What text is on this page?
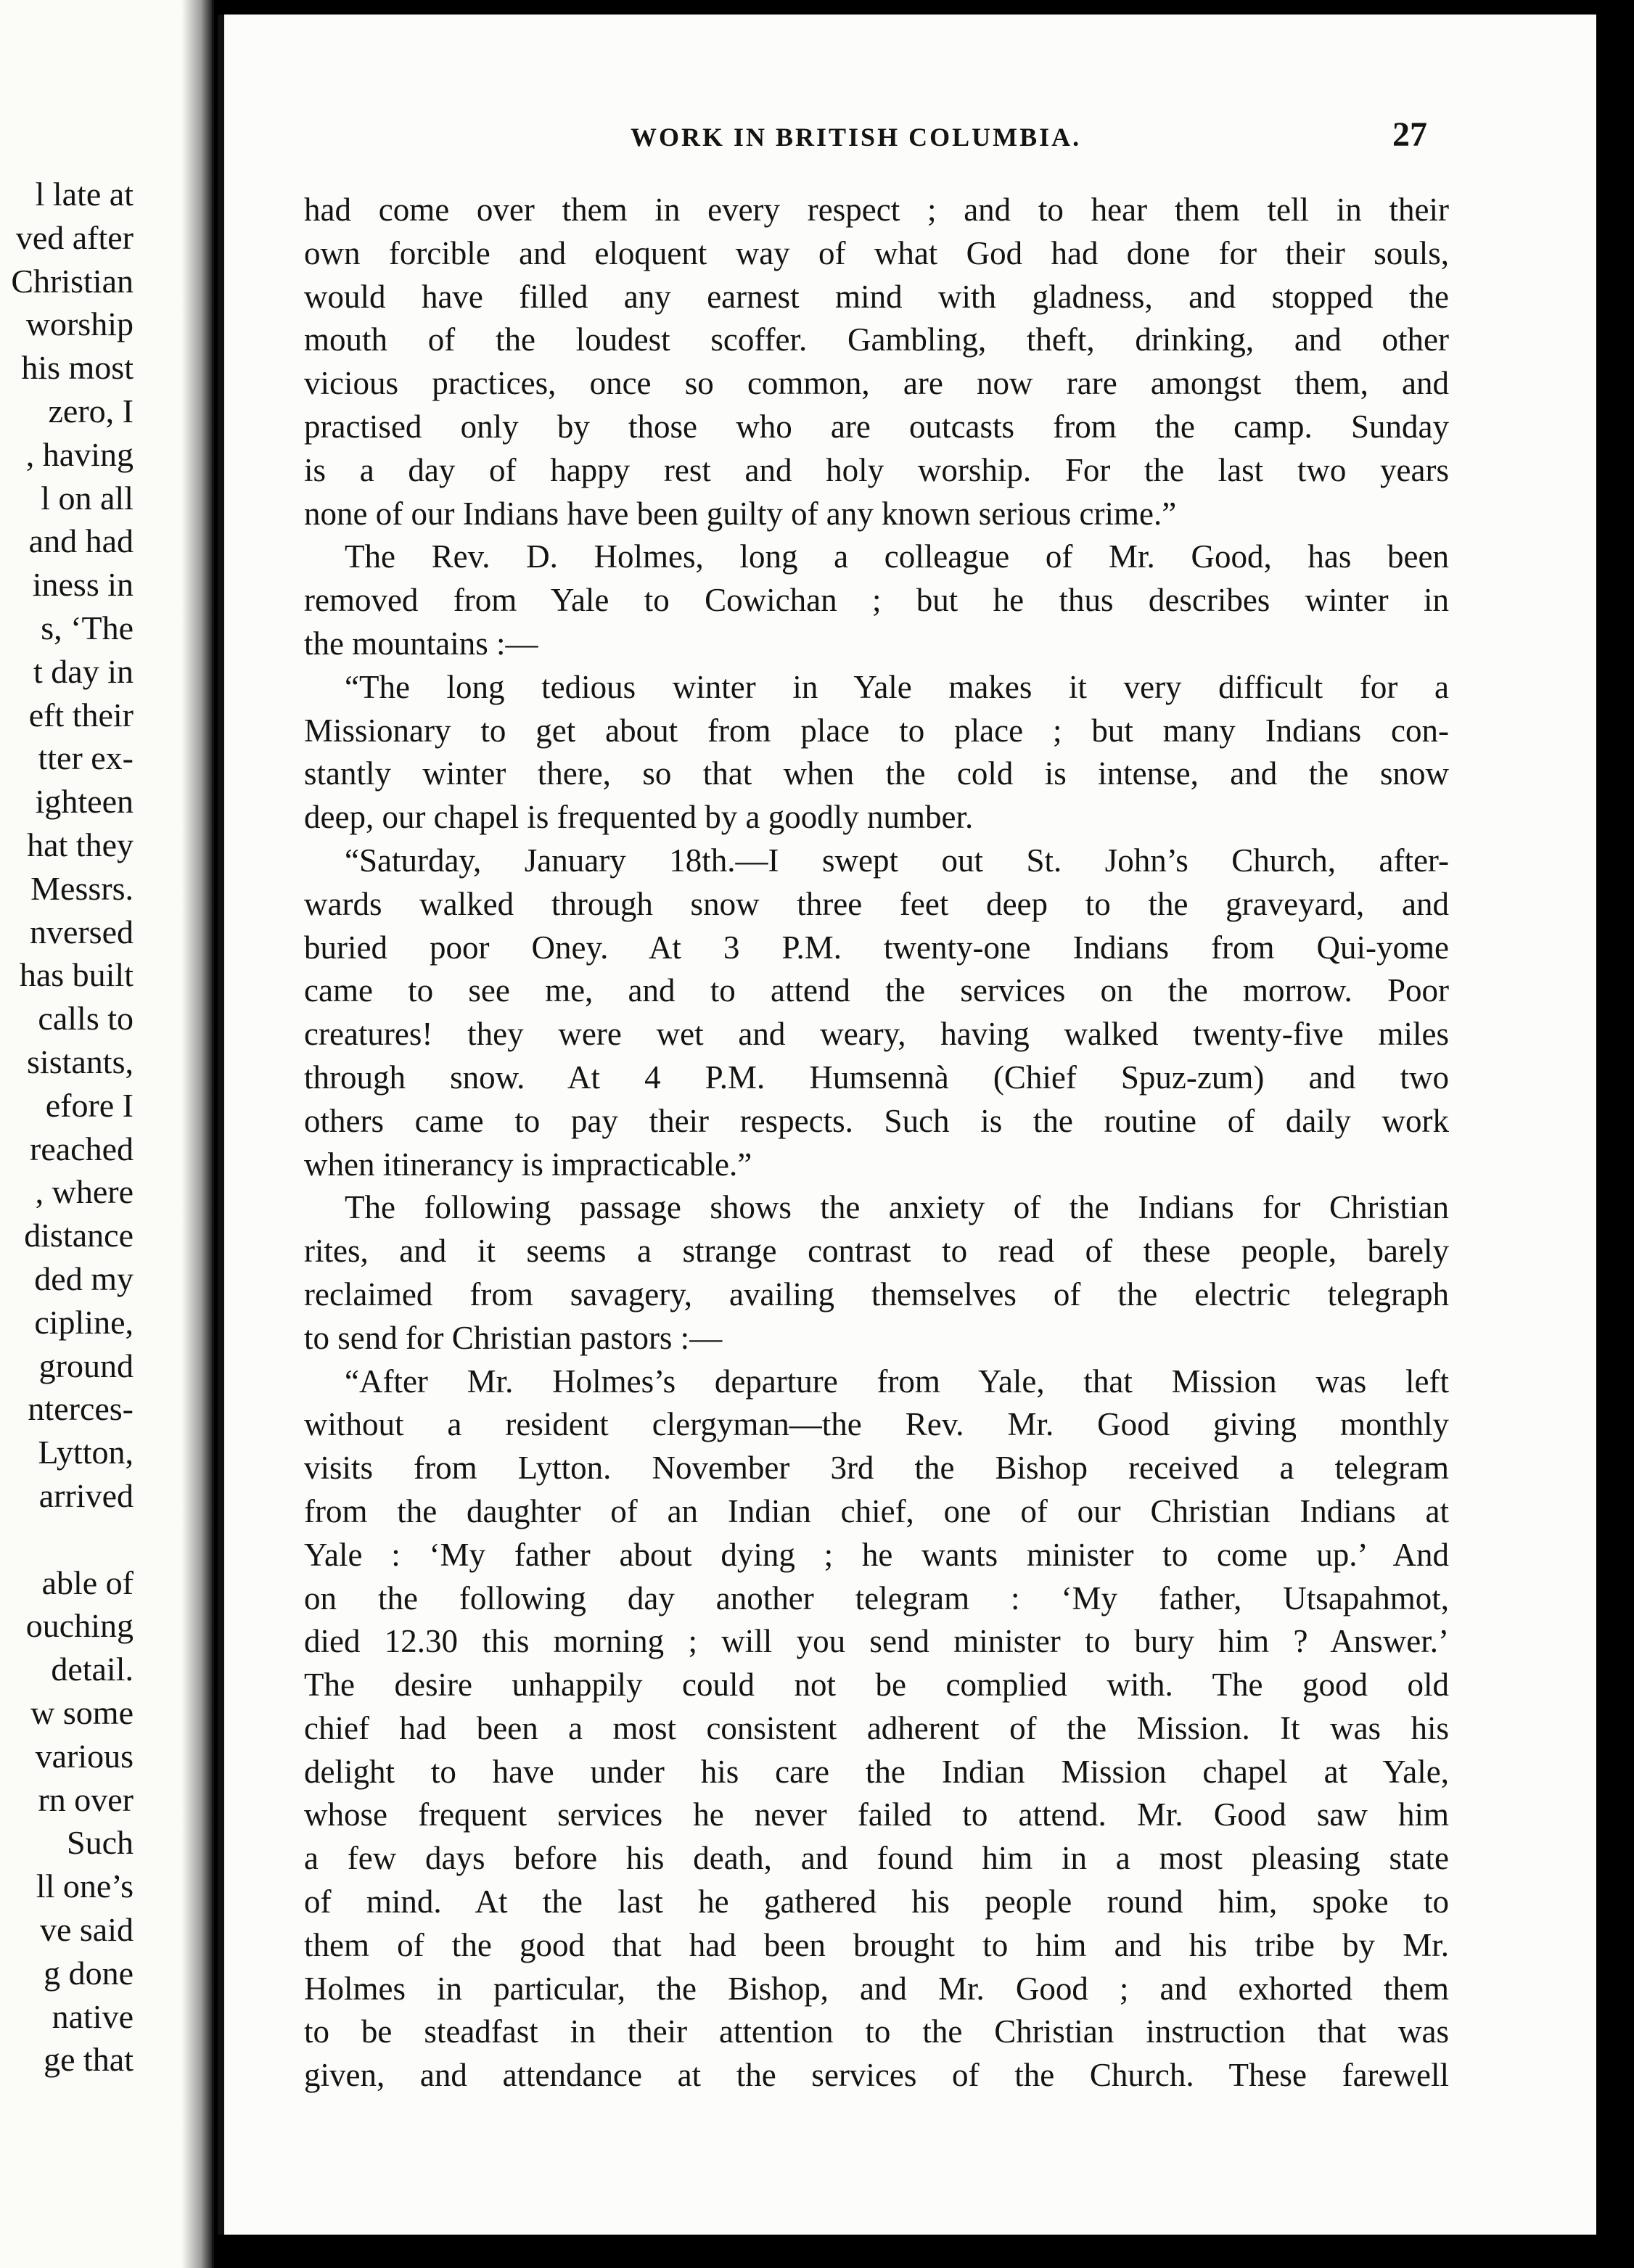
l late at
ved after
Christian
worship
his most
zero, I
, having
l on all
and had
iness in
s, ‘The
t day in
eft their
tter ex-
ighteen
hat they
Messrs.
nversed
has built
calls to
sistants,
efore I
reached
, where
distance
ded my
cipline,
ground
nterces-
Lytton,
arrived
able of
ouching
detail.
w some
various
rn over
Such
ll one’s
ve said
g done
native
ge that
WORK IN BRITISH COLUMBIA.	27
had come over them in every respect ; and to hear them tell in their
own forcible and eloquent way of what God had done for their souls,
would have filled any earnest mind with gladness, and stopped the
mouth of the loudest scoffer. Gambling, theft, drinking, and other
vicious practices, once so common, are now rare amongst them, and
practised only by those who are outcasts from the camp. Sunday
is a day of happy rest and holy worship. For the last two years
none of our Indians have been guilty of any known serious crime.”
The Rev. D. Holmes, long a colleague of Mr. Good, has been
removed from Yale to Cowichan ; but he thus describes winter in
the mountains :—
“The long tedious winter in Yale makes it very difficult for a
Missionary to get about from place to place ; but many Indians con-
stantly winter there, so that when the cold is intense, and the snow
deep, our chapel is frequented by a goodly number.
“Saturday, January 18th.—I swept out St. John’s Church, after-
wards walked through snow three feet deep to the graveyard, and
buried poor Oney. At 3 P.M. twenty-one Indians from Qui-yome
came to see me, and to attend the services on the morrow. Poor
creatures! they were wet and weary, having walked twenty-five miles
through snow. At 4 P.M. Humsennà (Chief Spuz-zum) and two
others came to pay their respects. Such is the routine of daily work
when itinerancy is impracticable.”
The following passage shows the anxiety of the Indians for Christian
rites, and it seems a strange contrast to read of these people, barely
reclaimed from savagery, availing themselves of the electric telegraph
to send for Christian pastors :—
“After Mr. Holmes’s departure from Yale, that Mission was left
without a resident clergyman—the Rev. Mr. Good giving monthly
visits from Lytton. November 3rd the Bishop received a telegram
from the daughter of an Indian chief, one of our Christian Indians at
Yale : ‘My father about dying ; he wants minister to come up.’ And
on the following day another telegram : ‘My father, Utsapahmot,
died 12.30 this morning ; will you send minister to bury him ? Answer.’
The desire unhappily could not be complied with. The good old
chief had been a most consistent adherent of the Mission. It was his
delight to have under his care the Indian Mission chapel at Yale,
whose frequent services he never failed to attend. Mr. Good saw him
a few days before his death, and found him in a most pleasing state
of mind. At the last he gathered his people round him, spoke to
them of the good that had been brought to him and his tribe by Mr.
Holmes in particular, the Bishop, and Mr. Good ; and exhorted them
to be steadfast in their attention to the Christian instruction that was
given, and attendance at the services of the Church. These farewell
